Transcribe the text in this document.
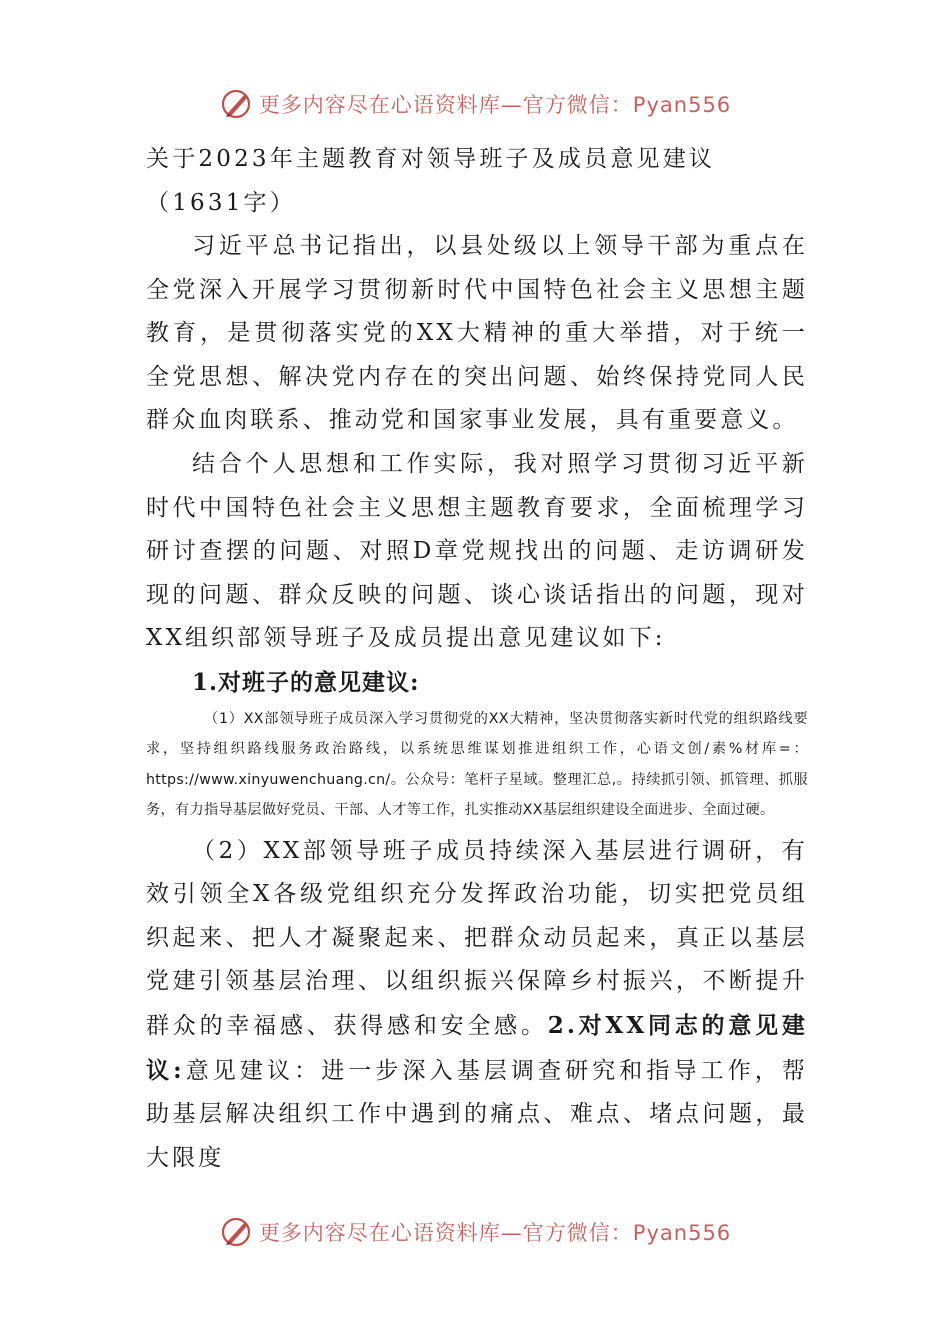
更多内容尽在心语资料库—官方微信：Pyan556

关于2023年主题教育对领导班子及成员意见建议（1631字）

习近平总书记指出，以县处级以上领导干部为重点在全党深入开展学习贯彻新时代中国特色社会主义思想主题教育，是贯彻落实党的XX大精神的重大举措，对于统一全党思想、解决党内存在的突出问题、始终保持党同人民群众血肉联系、推动党和国家事业发展，具有重要意义。

结合个人思想和工作实际，我对照学习贯彻习近平新时代中国特色社会主义思想主题教育要求，全面梳理学习研讨查摆的问题、对照D章党规找出的问题、走访调研发现的问题、群众反映的问题、谈心谈话指出的问题，现对XX组织部领导班子及成员提出意见建议如下:

1.对班子的意见建议:

（1）XX部领导班子成员深入学习贯彻党的XX大精神，坚决贯彻落实新时代党的组织路线要求，坚持组织路线服务政治路线，以系统思维谋划推进组织工作，心语文创/素%材库=：https://www.xinyuwenchuang.cn/。公众号：笔杆子星域。整理汇总,。持续抓引领、抓管理、抓服务，有力指导基层做好党员、干部、人才等工作，扎实推动XX基层组织建设全面进步、全面过硬。

（2）XX部领导班子成员持续深入基层进行调研，有效引领全X各级党组织充分发挥政治功能，切实把党员组织起来、把人才凝聚起来、把群众动员起来，真正以基层党建引领基层治理、以组织振兴保障乡村振兴，不断提升群众的幸福感、获得感和安全感。2.对XX同志的意见建议:意见建议：进一步深入基层调查研究和指导工作，帮助基层解决组织工作中遇到的痛点、难点、堵点问题，最大限度

更多内容尽在心语资料库—官方微信：Pyan556
